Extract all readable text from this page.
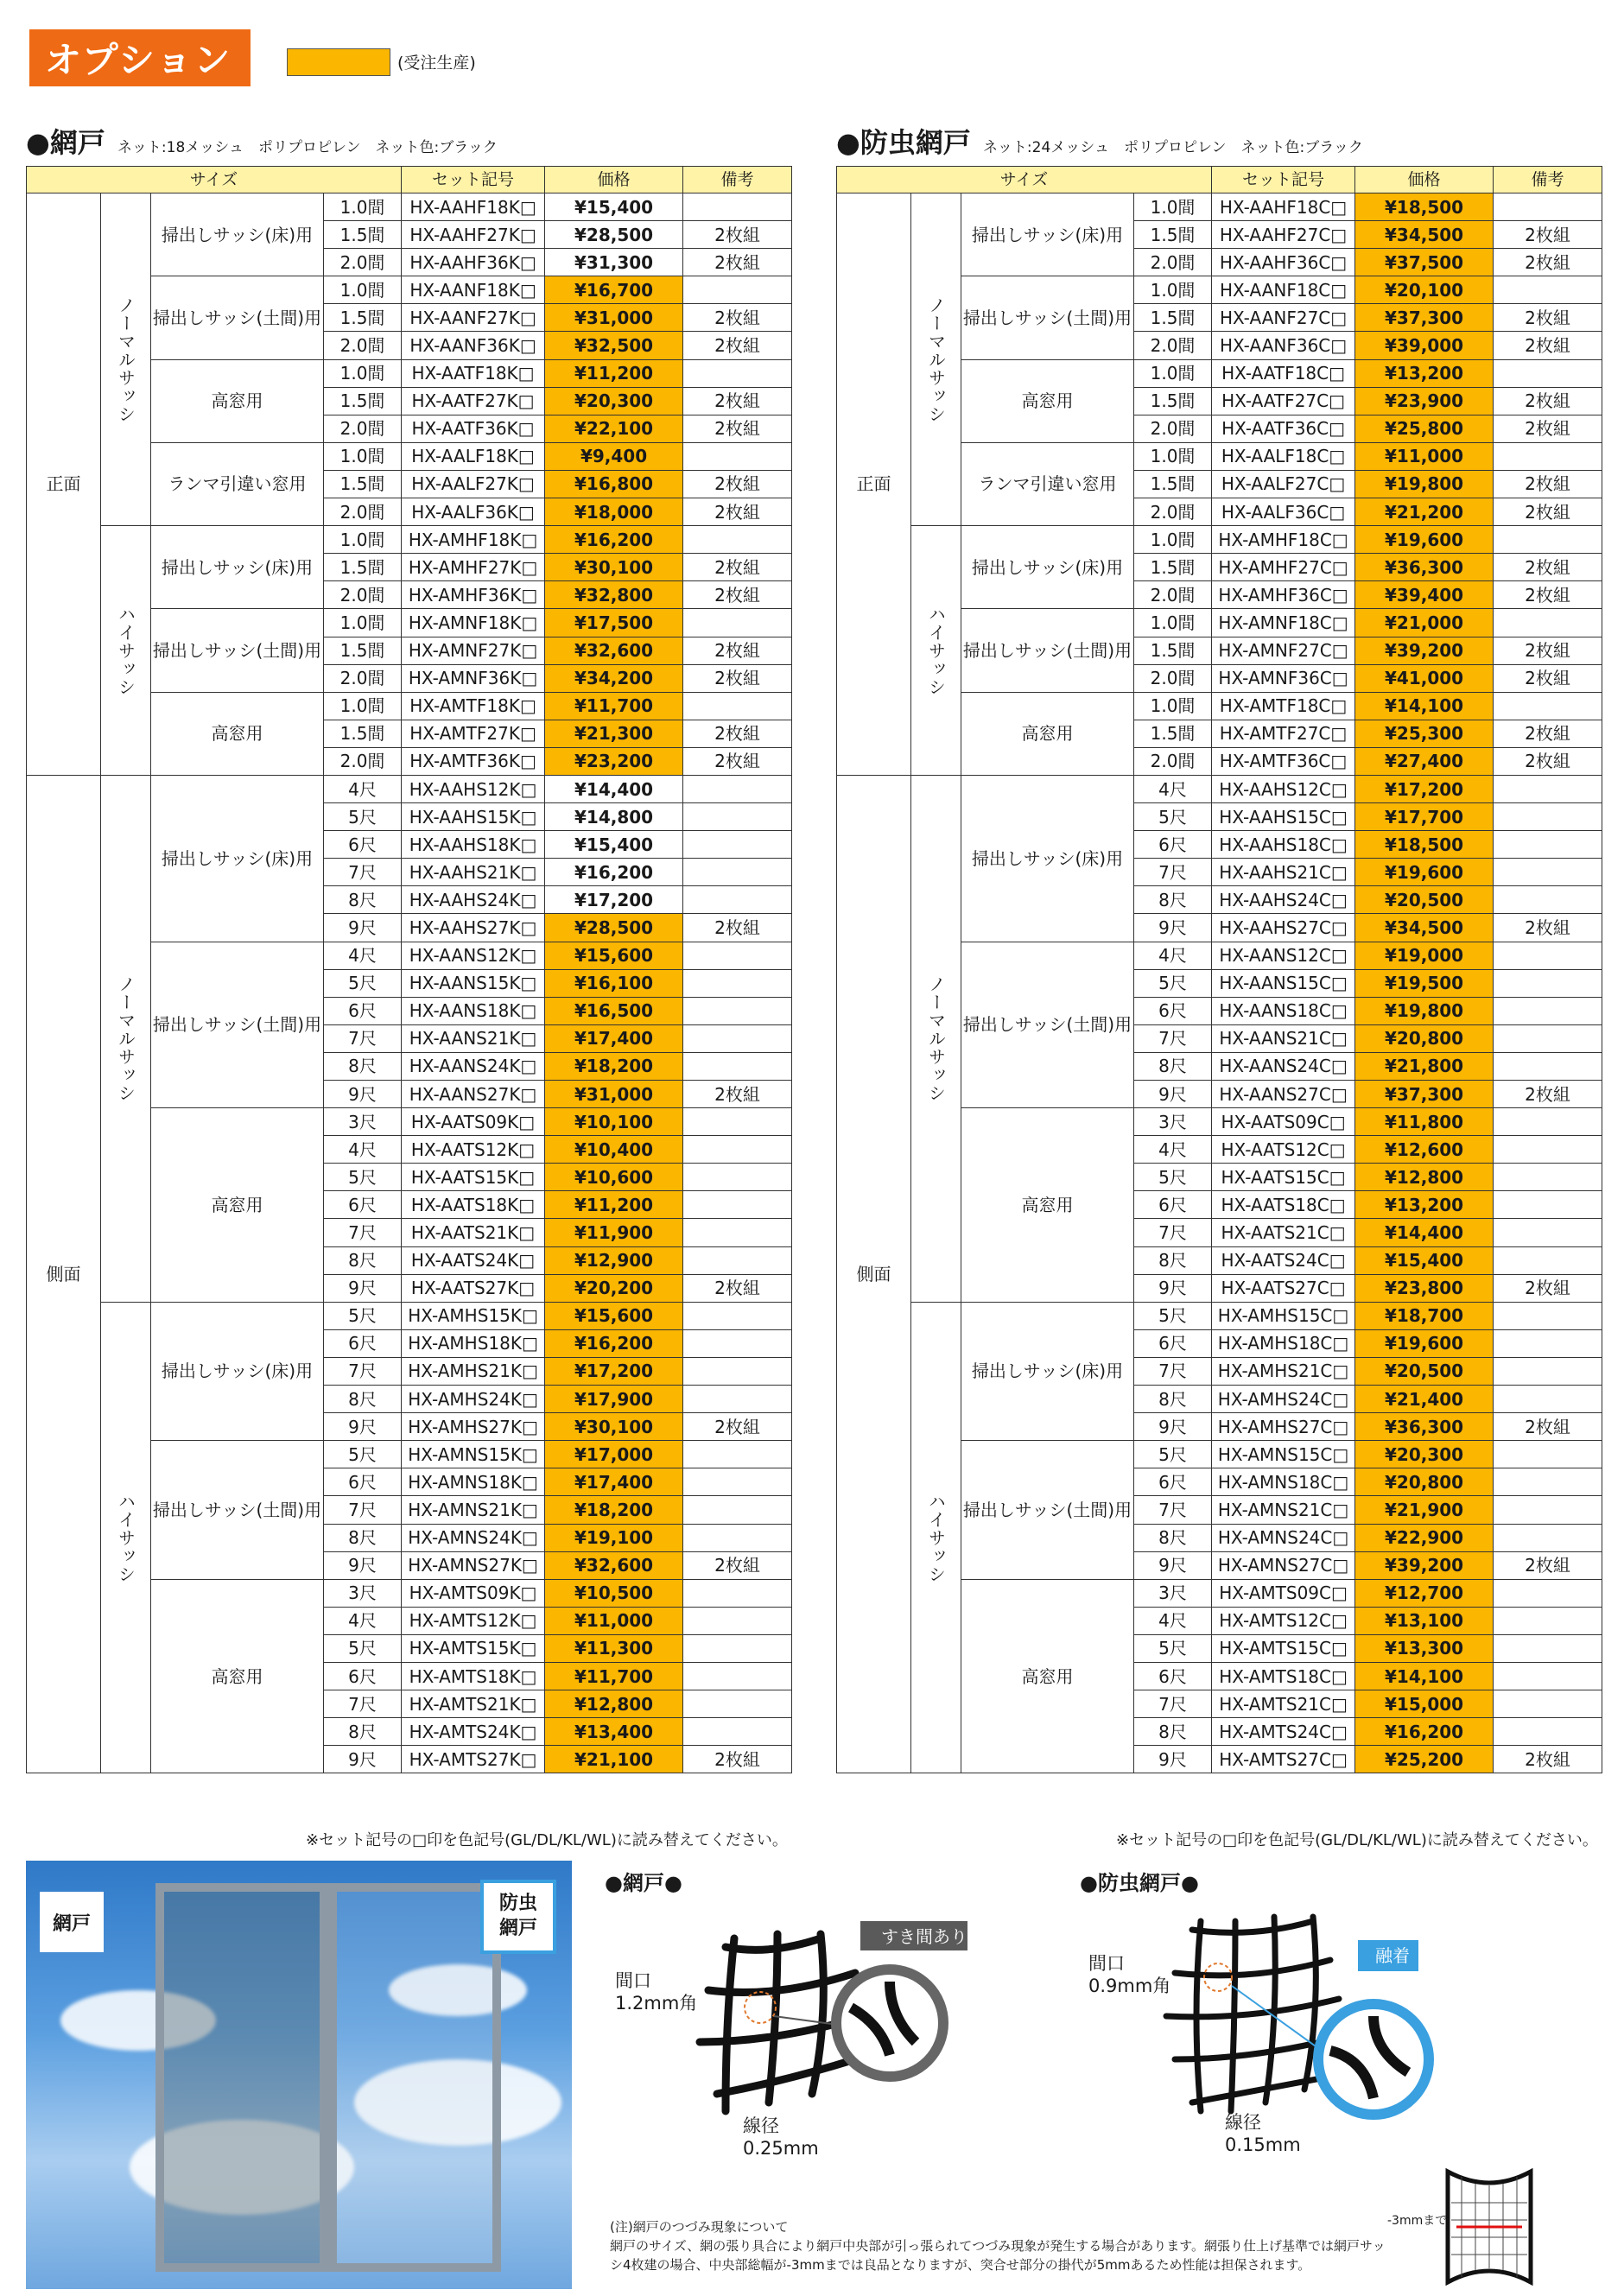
オプション	(受注生産)
●網戸 ネット:18メッシュ　ポリプロピレン　ネット色:ブラック
サイズ				セット記号	価格	備考
正面	ノーマルサッシ	掃出しサッシ(床)用	1.0間	HX-AAHF18K□	¥15,400	
			1.5間	HX-AAHF27K□	¥28,500	2枚組
			2.0間	HX-AAHF36K□	¥31,300	2枚組
		掃出しサッシ(土間)用	1.0間	HX-AANF18K□	¥16,700	
			1.5間	HX-AANF27K□	¥31,000	2枚組
			2.0間	HX-AANF36K□	¥32,500	2枚組
		高窓用	1.0間	HX-AATF18K□	¥11,200	
			1.5間	HX-AATF27K□	¥20,300	2枚組
			2.0間	HX-AATF36K□	¥22,100	2枚組
		ランマ引違い窓用	1.0間	HX-AALF18K□	¥9,400	
			1.5間	HX-AALF27K□	¥16,800	2枚組
			2.0間	HX-AALF36K□	¥18,000	2枚組
	ハイサッシ	掃出しサッシ(床)用	1.0間	HX-AMHF18K□	¥16,200	
			1.5間	HX-AMHF27K□	¥30,100	2枚組
			2.0間	HX-AMHF36K□	¥32,800	2枚組
		掃出しサッシ(土間)用	1.0間	HX-AMNF18K□	¥17,500	
			1.5間	HX-AMNF27K□	¥32,600	2枚組
			2.0間	HX-AMNF36K□	¥34,200	2枚組
		高窓用	1.0間	HX-AMTF18K□	¥11,700	
			1.5間	HX-AMTF27K□	¥21,300	2枚組
			2.0間	HX-AMTF36K□	¥23,200	2枚組
側面	ノーマルサッシ	掃出しサッシ(床)用	4尺	HX-AAHS12K□	¥14,400	
			5尺	HX-AAHS15K□	¥14,800	
			6尺	HX-AAHS18K□	¥15,400	
			7尺	HX-AAHS21K□	¥16,200	
			8尺	HX-AAHS24K□	¥17,200	
			9尺	HX-AAHS27K□	¥28,500	2枚組
		掃出しサッシ(土間)用	4尺	HX-AANS12K□	¥15,600	
			5尺	HX-AANS15K□	¥16,100	
			6尺	HX-AANS18K□	¥16,500	
			7尺	HX-AANS21K□	¥17,400	
			8尺	HX-AANS24K□	¥18,200	
			9尺	HX-AANS27K□	¥31,000	2枚組
		高窓用	3尺	HX-AATS09K□	¥10,100	
			4尺	HX-AATS12K□	¥10,400	
			5尺	HX-AATS15K□	¥10,600	
			6尺	HX-AATS18K□	¥11,200	
			7尺	HX-AATS21K□	¥11,900	
			8尺	HX-AATS24K□	¥12,900	
			9尺	HX-AATS27K□	¥20,200	2枚組
	ハイサッシ	掃出しサッシ(床)用	5尺	HX-AMHS15K□	¥15,600	
			6尺	HX-AMHS18K□	¥16,200	
			7尺	HX-AMHS21K□	¥17,200	
			8尺	HX-AMHS24K□	¥17,900	
			9尺	HX-AMHS27K□	¥30,100	2枚組
		掃出しサッシ(土間)用	5尺	HX-AMNS15K□	¥17,000	
			6尺	HX-AMNS18K□	¥17,400	
			7尺	HX-AMNS21K□	¥18,200	
			8尺	HX-AMNS24K□	¥19,100	
			9尺	HX-AMNS27K□	¥32,600	2枚組
		高窓用	3尺	HX-AMTS09K□	¥10,500	
			4尺	HX-AMTS12K□	¥11,000	
			5尺	HX-AMTS15K□	¥11,300	
			6尺	HX-AMTS18K□	¥11,700	
			7尺	HX-AMTS21K□	¥12,800	
			8尺	HX-AMTS24K□	¥13,400	
			9尺	HX-AMTS27K□	¥21,100	2枚組
●防虫網戸 ネット:24メッシュ　ポリプロピレン　ネット色:ブラック
サイズ				セット記号	価格	備考
正面	ノーマルサッシ	掃出しサッシ(床)用	1.0間	HX-AAHF18C□	¥18,500	
			1.5間	HX-AAHF27C□	¥34,500	2枚組
			2.0間	HX-AAHF36C□	¥37,500	2枚組
		掃出しサッシ(土間)用	1.0間	HX-AANF18C□	¥20,100	
			1.5間	HX-AANF27C□	¥37,300	2枚組
			2.0間	HX-AANF36C□	¥39,000	2枚組
		高窓用	1.0間	HX-AATF18C□	¥13,200	
			1.5間	HX-AATF27C□	¥23,900	2枚組
			2.0間	HX-AATF36C□	¥25,800	2枚組
		ランマ引違い窓用	1.0間	HX-AALF18C□	¥11,000	
			1.5間	HX-AALF27C□	¥19,800	2枚組
			2.0間	HX-AALF36C□	¥21,200	2枚組
	ハイサッシ	掃出しサッシ(床)用	1.0間	HX-AMHF18C□	¥19,600	
			1.5間	HX-AMHF27C□	¥36,300	2枚組
			2.0間	HX-AMHF36C□	¥39,400	2枚組
		掃出しサッシ(土間)用	1.0間	HX-AMNF18C□	¥21,000	
			1.5間	HX-AMNF27C□	¥39,200	2枚組
			2.0間	HX-AMNF36C□	¥41,000	2枚組
		高窓用	1.0間	HX-AMTF18C□	¥14,100	
			1.5間	HX-AMTF27C□	¥25,300	2枚組
			2.0間	HX-AMTF36C□	¥27,400	2枚組
側面	ノーマルサッシ	掃出しサッシ(床)用	4尺	HX-AAHS12C□	¥17,200	
			5尺	HX-AAHS15C□	¥17,700	
			6尺	HX-AAHS18C□	¥18,500	
			7尺	HX-AAHS21C□	¥19,600	
			8尺	HX-AAHS24C□	¥20,500	
			9尺	HX-AAHS27C□	¥34,500	2枚組
		掃出しサッシ(土間)用	4尺	HX-AANS12C□	¥19,000	
			5尺	HX-AANS15C□	¥19,500	
			6尺	HX-AANS18C□	¥19,800	
			7尺	HX-AANS21C□	¥20,800	
			8尺	HX-AANS24C□	¥21,800	
			9尺	HX-AANS27C□	¥37,300	2枚組
		高窓用	3尺	HX-AATS09C□	¥11,800	
			4尺	HX-AATS12C□	¥12,600	
			5尺	HX-AATS15C□	¥12,800	
			6尺	HX-AATS18C□	¥13,200	
			7尺	HX-AATS21C□	¥14,400	
			8尺	HX-AATS24C□	¥15,400	
			9尺	HX-AATS27C□	¥23,800	2枚組
	ハイサッシ	掃出しサッシ(床)用	5尺	HX-AMHS15C□	¥18,700	
			6尺	HX-AMHS18C□	¥19,600	
			7尺	HX-AMHS21C□	¥20,500	
			8尺	HX-AMHS24C□	¥21,400	
			9尺	HX-AMHS27C□	¥36,300	2枚組
		掃出しサッシ(土間)用	5尺	HX-AMNS15C□	¥20,300	
			6尺	HX-AMNS18C□	¥20,800	
			7尺	HX-AMNS21C□	¥21,900	
			8尺	HX-AMNS24C□	¥22,900	
			9尺	HX-AMNS27C□	¥39,200	2枚組
		高窓用	3尺	HX-AMTS09C□	¥12,700	
			4尺	HX-AMTS12C□	¥13,100	
			5尺	HX-AMTS15C□	¥13,300	
			6尺	HX-AMTS18C□	¥14,100	
			7尺	HX-AMTS21C□	¥15,000	
			8尺	HX-AMTS24C□	¥16,200	
			9尺	HX-AMTS27C□	¥25,200	2枚組
※セット記号の□印を色記号(GL/DL/KL/WL)に読み替えてください。	※セット記号の□印を色記号(GL/DL/KL/WL)に読み替えてください。
網戸
防虫網戸
●網戸●
すき間あり
間口
1.2mm角
線径
0.25mm
●防虫網戸●
融着
間口
0.9mm角
線径
0.15mm
(注)網戸のつづみ現象について
網戸のサイズ、網の張り具合により網戸中央部が引っ張られてつづみ現象が発生する場合があります。網張り仕上げ基準では網戸サッシ4枚建の場合、中央部総幅が-3mmまでは良品となりますが、突合せ部分の掛代が5mmあるため性能は担保されます。
-3mmまで
